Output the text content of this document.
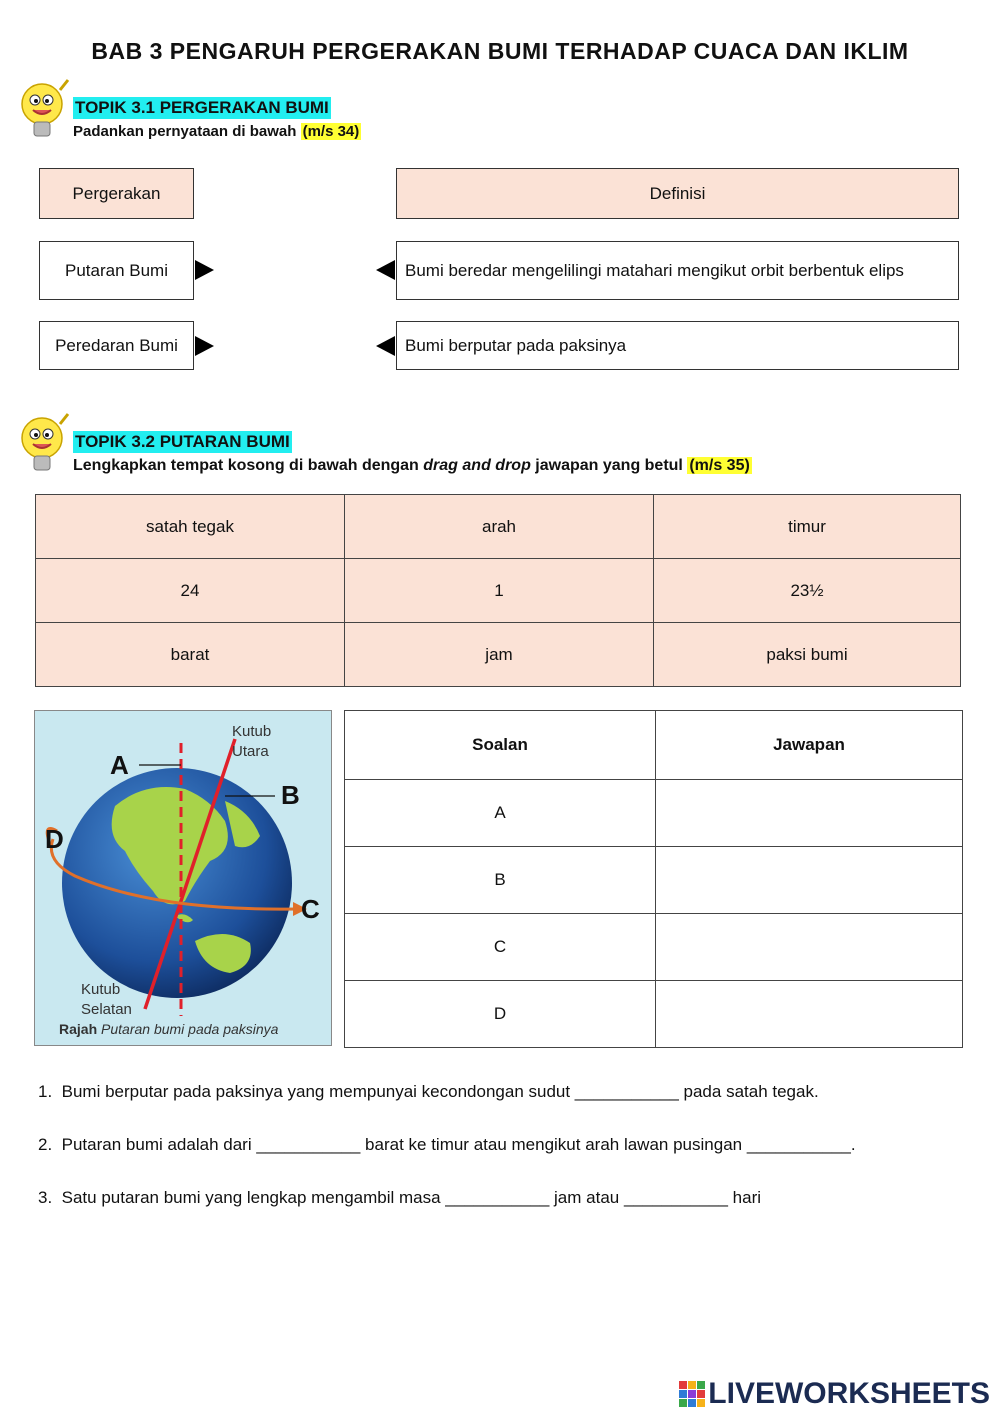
BAB 3 PENGARUH PERGERAKAN BUMI TERHADAP CUACA DAN IKLIM
TOPIK 3.1 PERGERAKAN BUMI
Padankan pernyataan di bawah (m/s 34)
Pergerakan	Definisi
Putaran Bumi	Bumi beredar mengelilingi matahari mengikut orbit berbentuk elips
Peredaran Bumi	Bumi berputar pada paksinya
TOPIK 3.2 PUTARAN BUMI
Lengkapkan tempat kosong di bawah dengan drag and drop jawapan yang betul (m/s 35)
satah tegak	arah	timur
24	1	23½
barat	jam	paksi bumi
A
B
C
D
Kutub
Utara
Kutub
Selatan
Rajah Putaran bumi pada paksinya
Soalan	Jawapan
A	
B	
C	
D	
1. Bumi berputar pada paksinya yang mempunyai kecondongan sudut ___________ pada satah tegak.
2. Putaran bumi adalah dari ___________ barat ke timur atau mengikut arah lawan pusingan ___________.
3. Satu putaran bumi yang lengkap mengambil masa ___________ jam atau ___________ hari
LIVEWORKSHEETS
